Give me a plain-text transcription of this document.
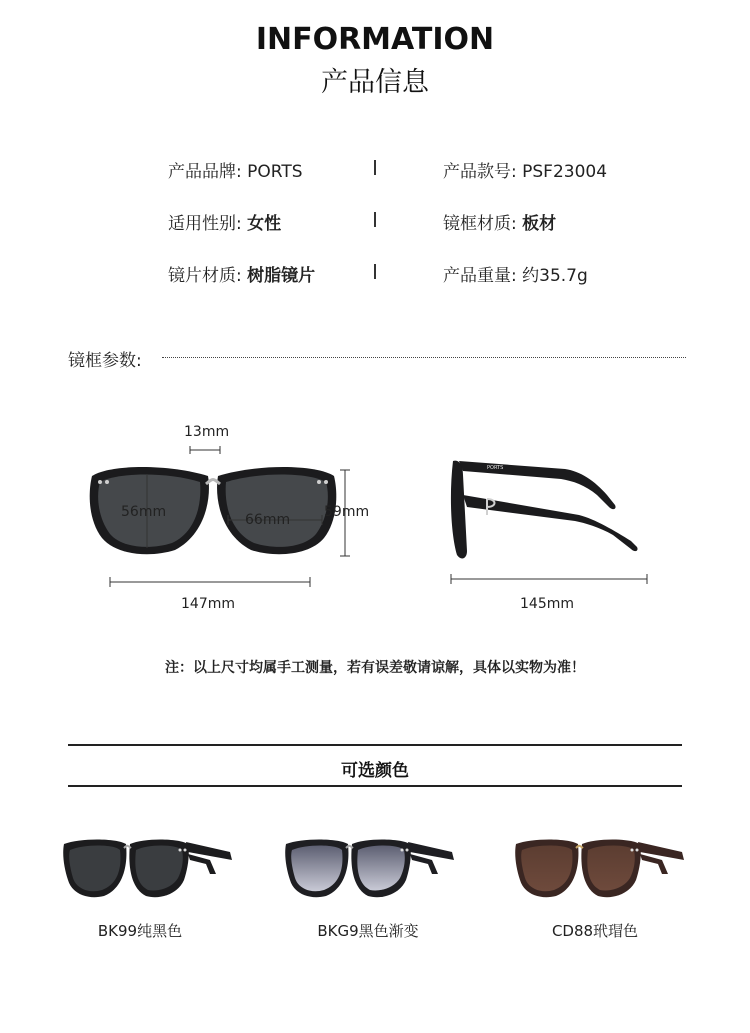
INFORMATION
产品信息
产品品牌: PORTS	产品款号: PSF23004
适用性别: 女性	镜框材质: 板材
镜片材质: 树脂镜片	产品重量: 约35.7g
镜框参数:
13mm
56mm	66mm 59mm
147mm
PORTS
145mm
注：以上尺寸均属手工测量，若有误差敬请谅解，具体以实物为准！
可选颜色
BK99纯黑色	BKG9黑色渐变	CD88玳瑁色
